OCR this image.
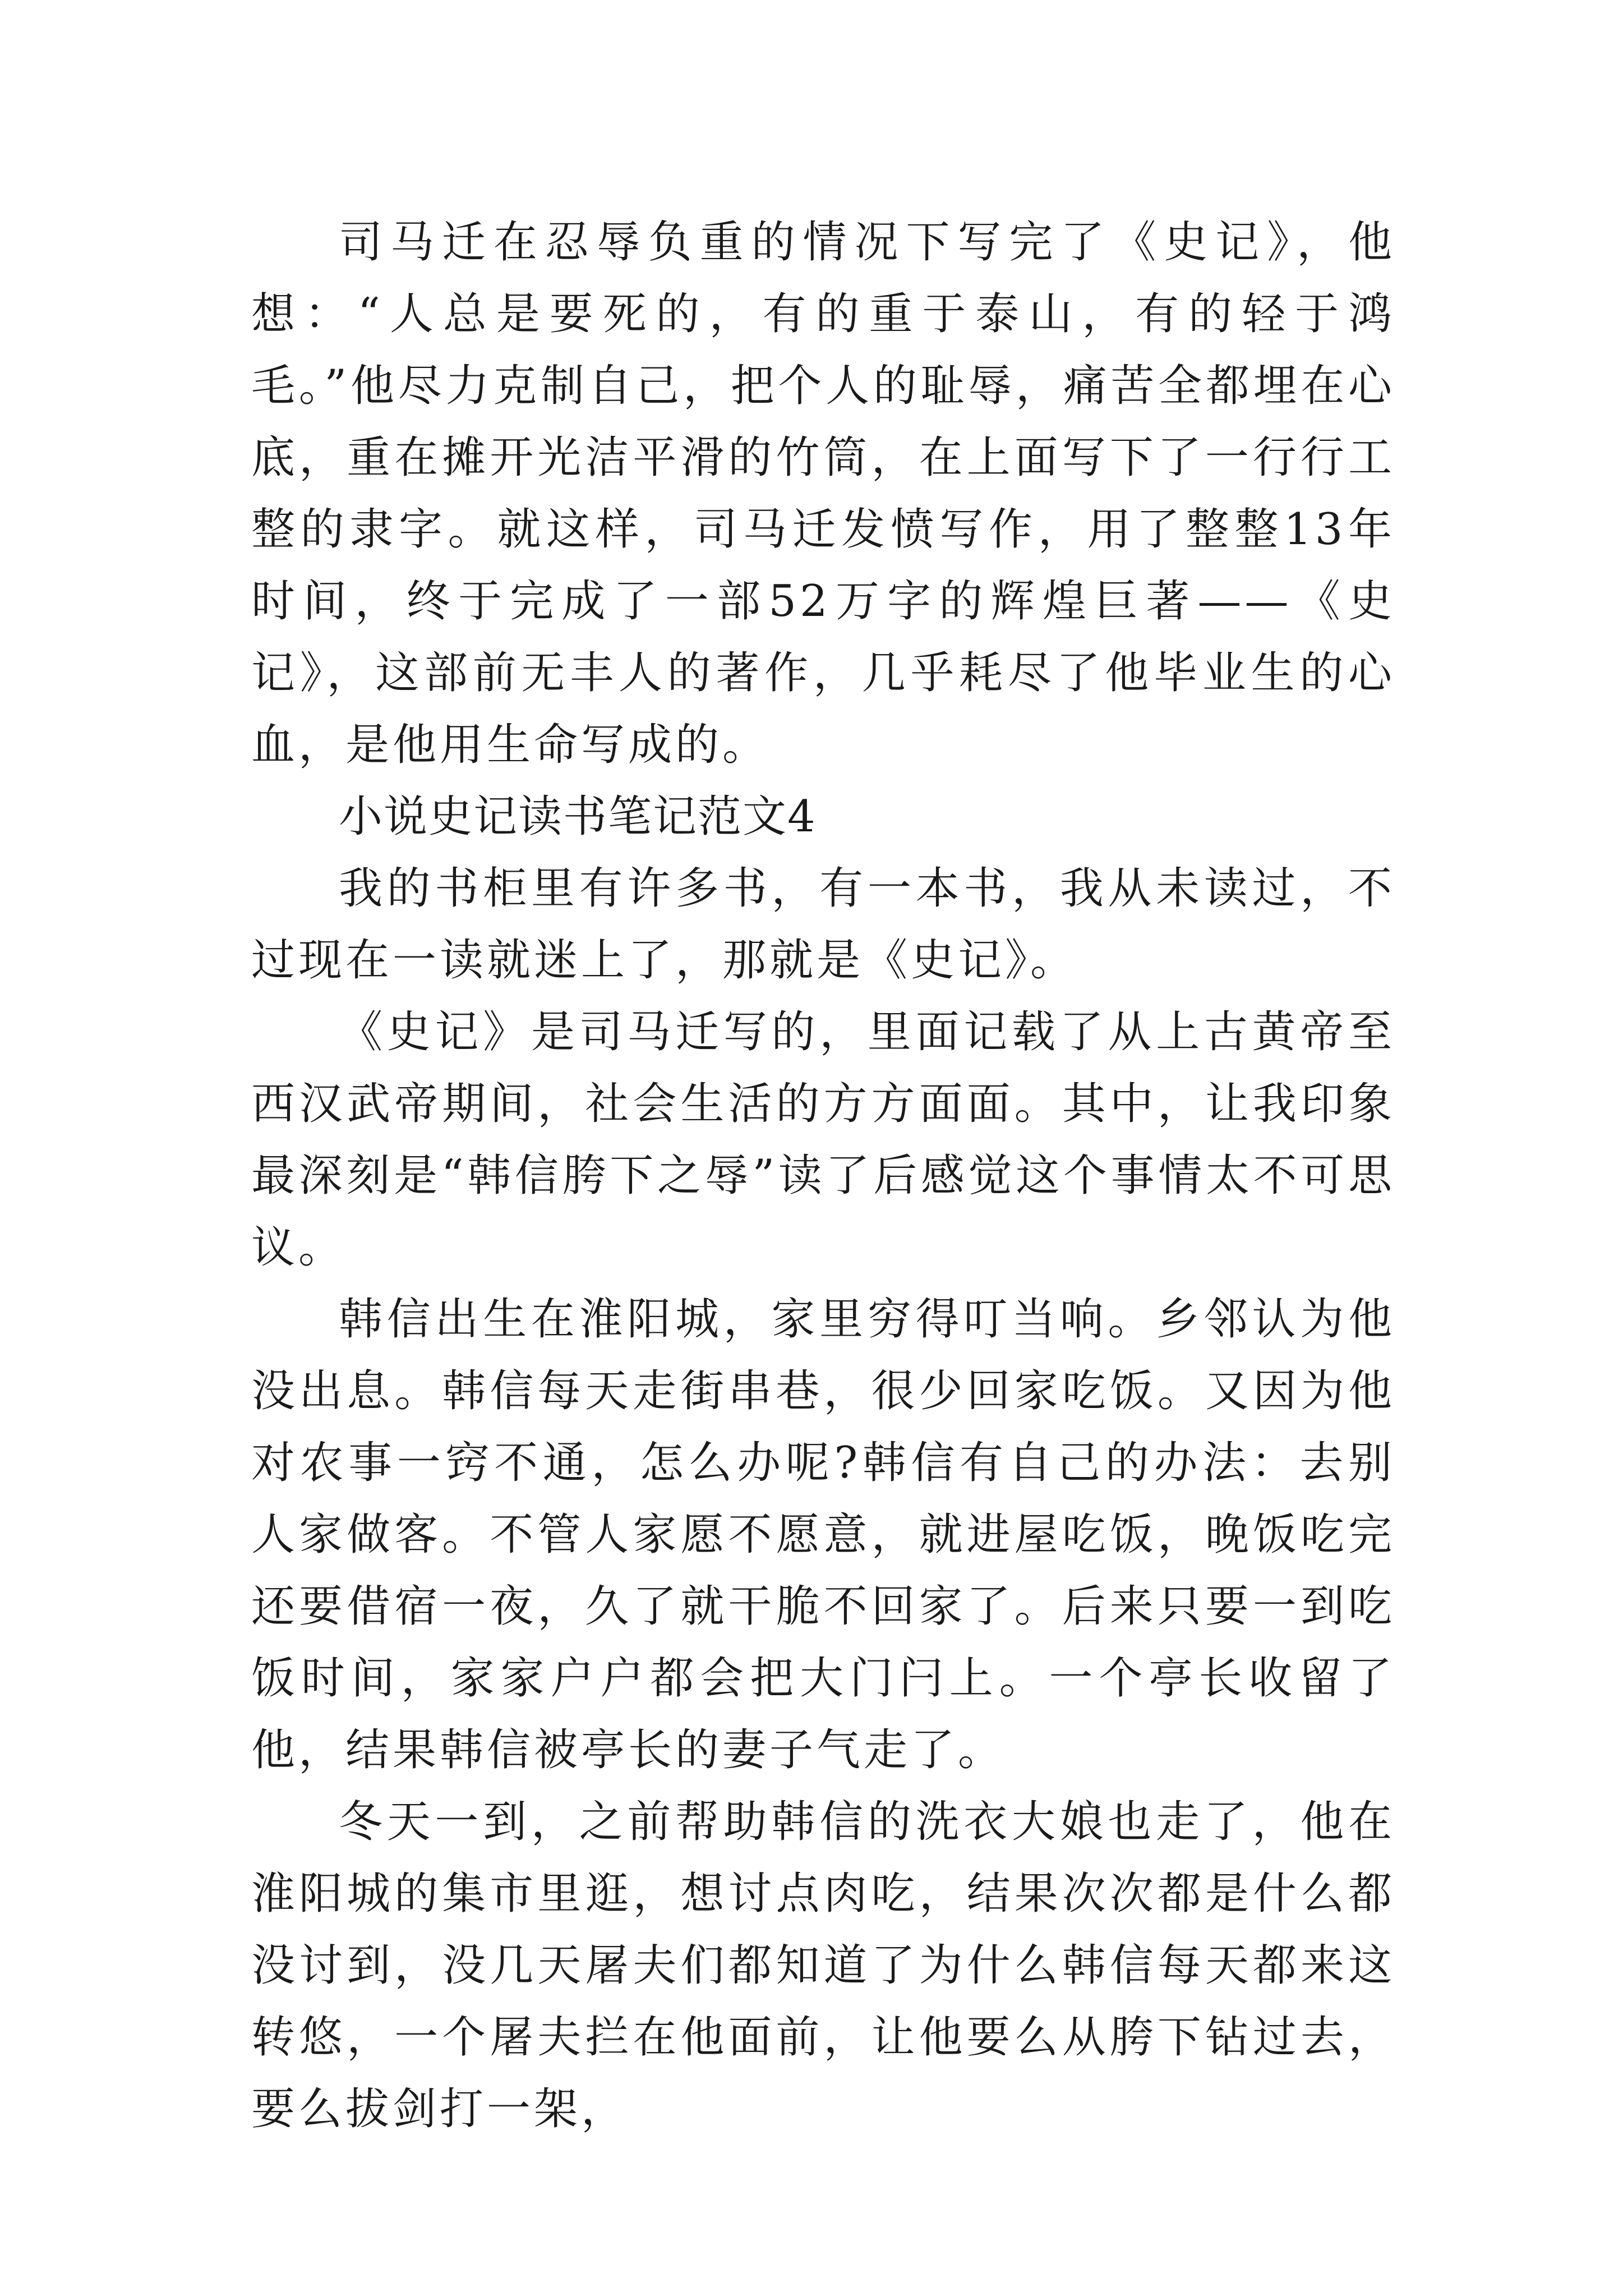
司马迁在忍辱负重的情况下写完了《史记》，他想：“人总是要死的，有的重于泰山，有的轻于鸿毛。”他尽力克制自己，把个人的耻辱，痛苦全都埋在心底，重在摊开光洁平滑的竹筒，在上面写下了一行行工整的隶字。就这样，司马迁发愤写作，用了整整13年时间，终于完成了一部52万字的辉煌巨著——《史记》，这部前无丰人的著作，几乎耗尽了他毕业生的心血，是他用生命写成的。

小说史记读书笔记范文4

我的书柜里有许多书，有一本书，我从未读过，不过现在一读就迷上了，那就是《史记》。

《史记》是司马迁写的，里面记载了从上古黄帝至西汉武帝期间，社会生活的方方面面。其中，让我印象最深刻是“韩信胯下之辱”读了后感觉这个事情太不可思议。

韩信出生在淮阳城，家里穷得叮当响。乡邻认为他没出息。韩信每天走街串巷，很少回家吃饭。又因为他对农事一窍不通，怎么办呢?韩信有自己的办法：去别人家做客。不管人家愿不愿意，就进屋吃饭，晚饭吃完还要借宿一夜，久了就干脆不回家了。后来只要一到吃饭时间，家家户户都会把大门闩上。一个亭长收留了他，结果韩信被亭长的妻子气走了。

冬天一到，之前帮助韩信的洗衣大娘也走了，他在淮阳城的集市里逛，想讨点肉吃，结果次次都是什么都没讨到，没几天屠夫们都知道了为什么韩信每天都来这转悠，一个屠夫拦在他面前，让他要么从胯下钻过去，要么拔剑打一架，
